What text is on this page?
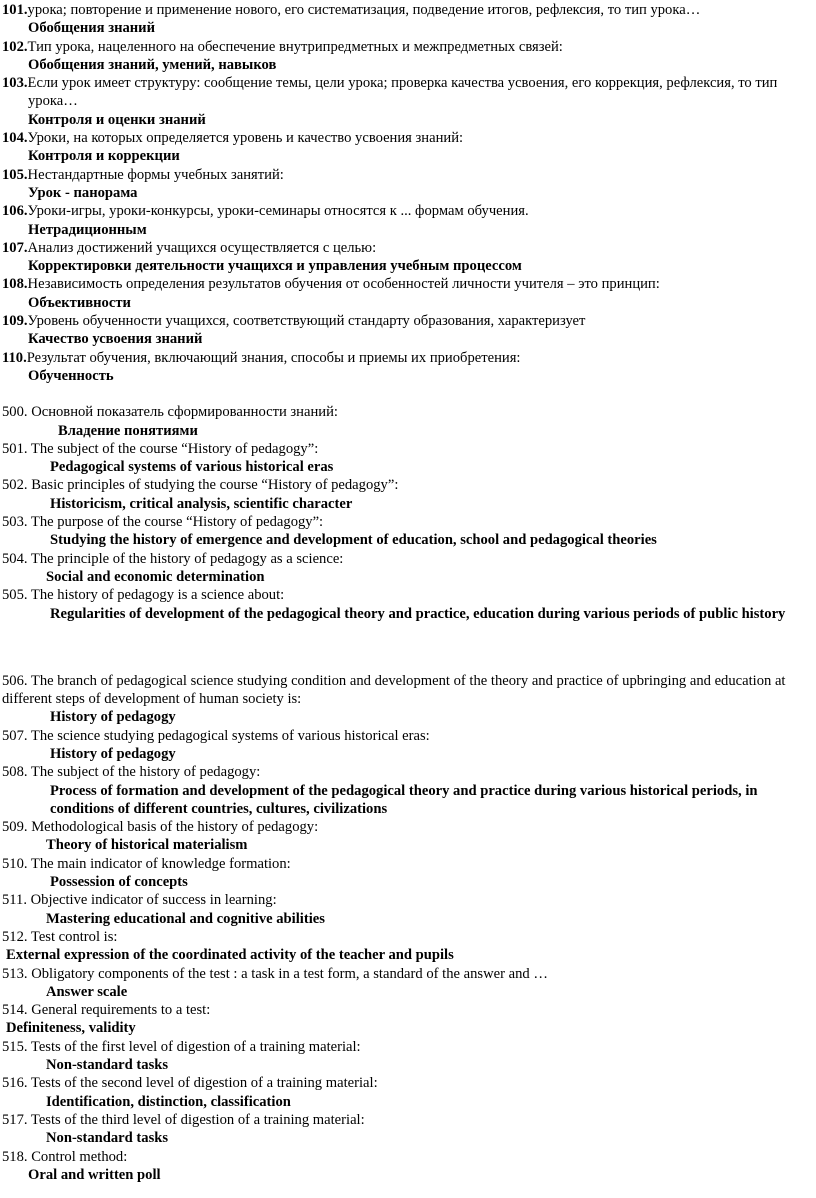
101.урока; повторение и применение нового, его систематизация, подведение итогов, рефлексия, то тип урока…
Обобщения знаний
102.Тип урока, нацеленного на обеспечение внутрипредметных и межпредметных связей:
Обобщения знаний, умений, навыков
103.Если урок имеет структуру: сообщение темы, цели урока; проверка качества усвоения, его коррекция, рефлексия, то тип урока…
Контроля и оценки знаний
104.Уроки, на которых определяется уровень и качество усвоения знаний:
Контроля и коррекции
105.Нестандартные формы учебных занятий:
Урок - панорама
106.Уроки-игры, уроки-конкурсы, уроки-семинары относятся к ... формам обучения.
Нетрадиционным
107.Анализ достижений учащихся осуществляется с целью:
Корректировки деятельности учащихся и управления учебным процессом
108.Независимость определения результатов обучения от особенностей личности учителя – это принцип:
Объективности
109.Уровень обученности учащихся, соответствующий стандарту образования, характеризует
Качество усвоения знаний
110.Результат обучения, включающий знания, способы и приемы их приобретения:
Обученность
500. Основной показатель сформированности знаний:
Владение понятиями
501. The subject of the course “History of pedagogy”:
Pedagogical systems of various historical eras
502. Basic principles of studying the course “History of pedagogy”:
Historicism, critical analysis, scientific character
503. The purpose of the course “History of pedagogy”:
Studying the history of emergence and development of education, school and pedagogical theories
504. The principle of the history of pedagogy as a science:
Social and economic determination
505. The history of pedagogy is a science about:
Regularities of development of the pedagogical theory and practice, education during various periods of public history
506. The branch of pedagogical science studying condition and development of the theory and practice of upbringing and education at different steps of development of human society is:
History of pedagogy
507. The science studying pedagogical systems of various historical eras:
History of pedagogy
508. The subject of the history of pedagogy:
Process of formation and development of the pedagogical theory and practice during various historical periods, in conditions of different countries, cultures, civilizations
509. Methodological basis of the history of pedagogy:
Theory of historical materialism
510. The main indicator of knowledge formation:
Possession of concepts
511. Objective indicator of success in learning:
Mastering educational and cognitive abilities
512. Test control is:
External expression of the coordinated activity of the teacher and pupils
513. Obligatory components of the test : a task in a test form, a standard of the answer and …
Answer scale
514. General requirements to a test:
Definiteness, validity
515. Tests of the first level of digestion of a training material:
Non-standard tasks
516. Tests of the second level of digestion of a training material:
Identification, distinction, classification
517. Tests of the third level of digestion of a training material:
Non-standard tasks
518. Control method:
Oral and written poll
